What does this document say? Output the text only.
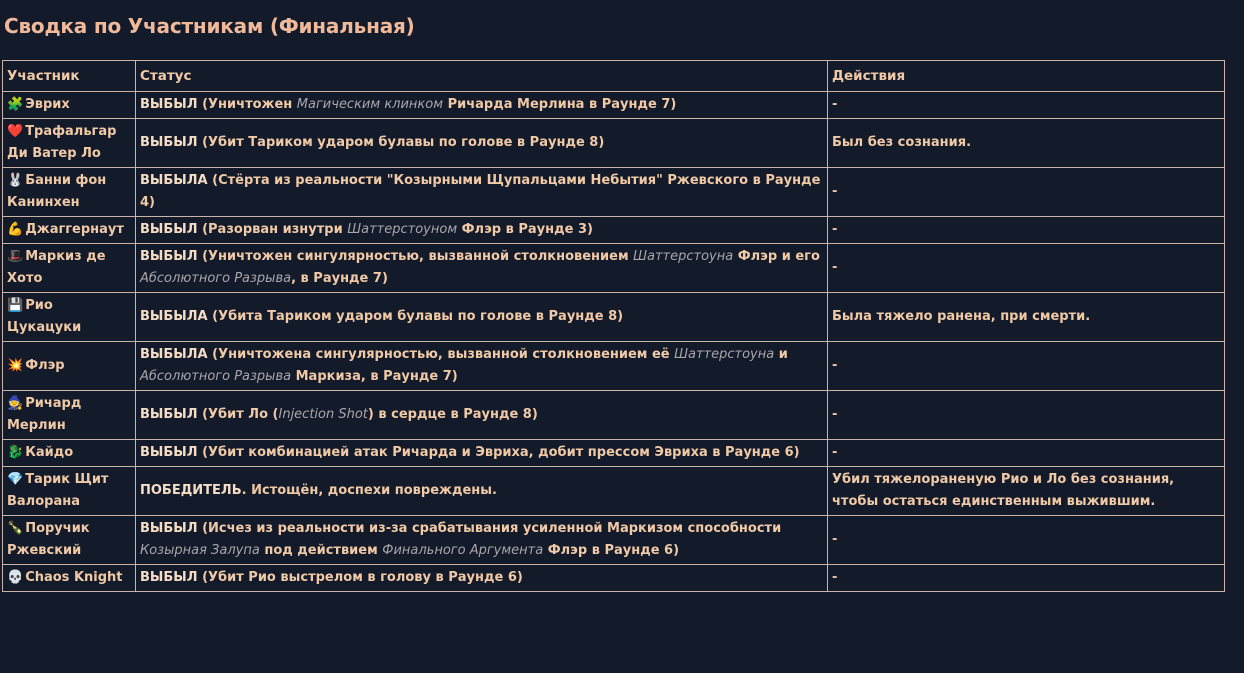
Сводка по Участникам (Финальная)
Участник	Статус	Действия
🧩 Эврих	ВЫБЫЛ (Уничтожен Магическим клинком Ричарда Мерлина в Раунде 7)	-
❤️ Трафальгар Ди Ватер Ло	ВЫБЫЛ (Убит Тариком ударом булавы по голове в Раунде 8)	Был без сознания.
🐰 Банни фон Канинхен	ВЫБЫЛА (Стёрта из реальности "Козырными Щупальцами Небытия" Ржевского в Раунде 4)	-
💪 Джаггернаут	ВЫБЫЛ (Разорван изнутри Шаттерстоуном Флэр в Раунде 3)	-
🎩 Маркиз де Хото	ВЫБЫЛ (Уничтожен сингулярностью, вызванной столкновением Шаттерстоуна Флэр и его Абсолютного Разрыва, в Раунде 7)	-
💾 Рио Цукацуки	ВЫБЫЛА (Убита Тариком ударом булавы по голове в Раунде 8)	Была тяжело ранена, при смерти.
💥 Флэр	ВЫБЫЛА (Уничтожена сингулярностью, вызванной столкновением её Шаттерстоуна и Абсолютного Разрыва Маркиза, в Раунде 7)	-
🧙 Ричард Мерлин	ВЫБЫЛ (Убит Ло (Injection Shot) в сердце в Раунде 8)	-
🐉 Кайдо	ВЫБЫЛ (Убит комбинацией атак Ричарда и Эвриха, добит прессом Эвриха в Раунде 6)	-
💎 Тарик Щит Валорана	ПОБЕДИТЕЛЬ. Истощён, доспехи повреждены.	Убил тяжелораненую Рио и Ло без сознания, чтобы остаться единственным выжившим.
🍾 Поручик Ржевский	ВЫБЫЛ (Исчез из реальности из-за срабатывания усиленной Маркизом способности Козырная Залупа под действием Финального Аргумента Флэр в Раунде 6)	-
💀 Chaos Knight	ВЫБЫЛ (Убит Рио выстрелом в голову в Раунде 6)	-
